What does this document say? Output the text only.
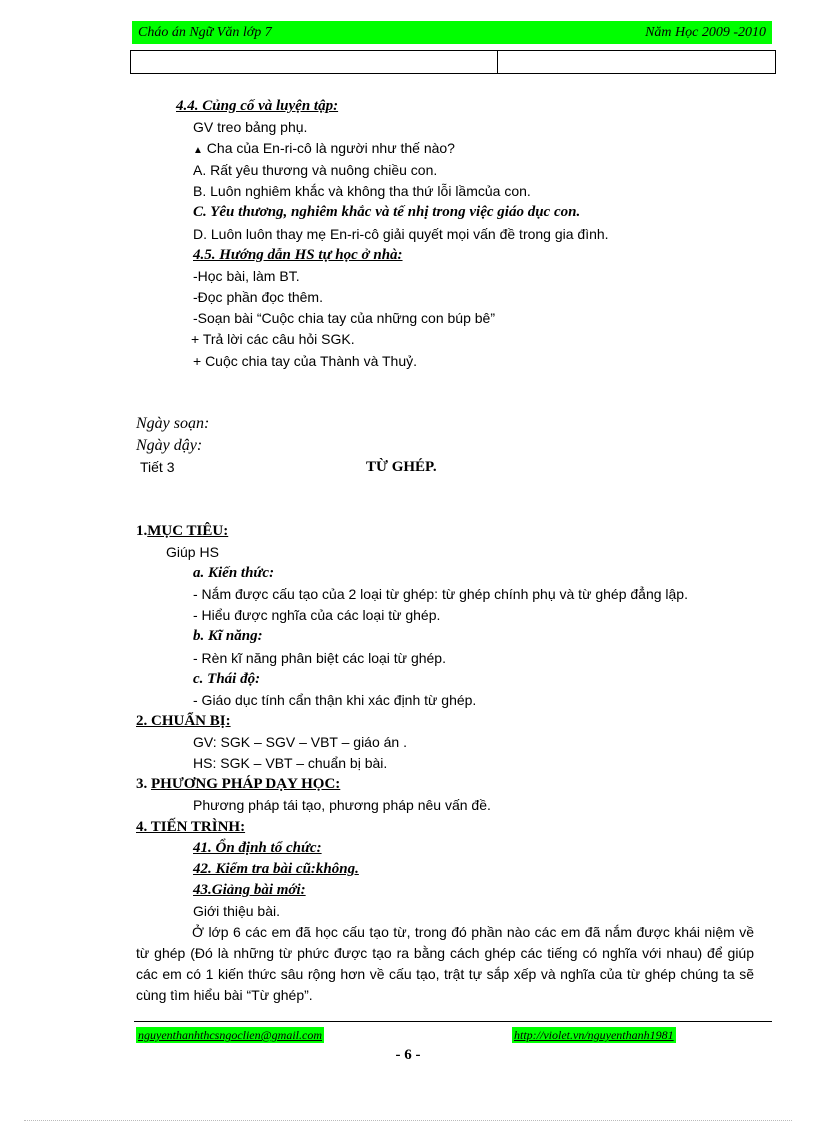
Cháo án Ngữ Văn lớp 7	Năm Học 2009 -2010
4.4. Củng cố và luyện tập:
GV treo bảng phụ.
▲ Cha của En-ri-cô là người như thế nào?
A. Rất yêu thương và nuông chiều con.
B. Luôn nghiêm khắc và không tha thứ lỗi lầmcủa con.
C. Yêu thương, nghiêm khắc và tế nhị trong việc giáo dục con.
D. Luôn luôn thay mẹ En-ri-cô giải quyết mọi vấn đề trong gia đình.
4.5. Hướng dẫn HS tự học ở nhà:
-Học bài, làm BT.
-Đọc phần đọc thêm.
-Soạn bài “Cuộc chia tay của những con búp bê”
+ Trả lời các câu hỏi SGK.
+ Cuộc chia tay của Thành và Thuỷ.
Ngày soạn:
Ngày dậy:
Tiết 3	TỪ GHÉP.
1.MỤC TIÊU:
Giúp HS
a. Kiến thức:
- Nắm được cấu tạo của 2 loại từ ghép: từ ghép chính phụ và từ ghép đẳng lập.
- Hiểu được nghĩa của các loại từ ghép.
b. Kĩ năng:
- Rèn kĩ năng phân biệt các loại từ ghép.
c. Thái độ:
- Giáo dục tính cẩn thận khi xác định từ ghép.
2. CHUẨN BỊ:
GV: SGK – SGV – VBT – giáo án .
HS: SGK – VBT – chuẩn bị bài.
3. PHƯƠNG PHÁP DẠY HỌC:
Phương pháp tái tạo, phương pháp nêu vấn đề.
4. TIẾN TRÌNH:
41. Ổn định tổ chức:
42. Kiểm tra bài cũ:không.
43.Giảng bài mới:
Giới thiệu bài.
Ở lớp 6 các em đã học cấu tạo từ, trong đó phần nào các em đã nắm được khái niệm về từ ghép (Đó là những từ phức được tạo ra bằng cách ghép các tiếng có nghĩa với nhau) để giúp các em có 1 kiến thức sâu rộng hơn về cấu tạo, trật tự sắp xếp và nghĩa của từ ghép chúng ta sẽ cùng tìm hiểu bài “Từ ghép”.
nguyenthanhthcsngoclien@gmail.com	http://violet.vn/nguyenthanh1981
- 6 -
